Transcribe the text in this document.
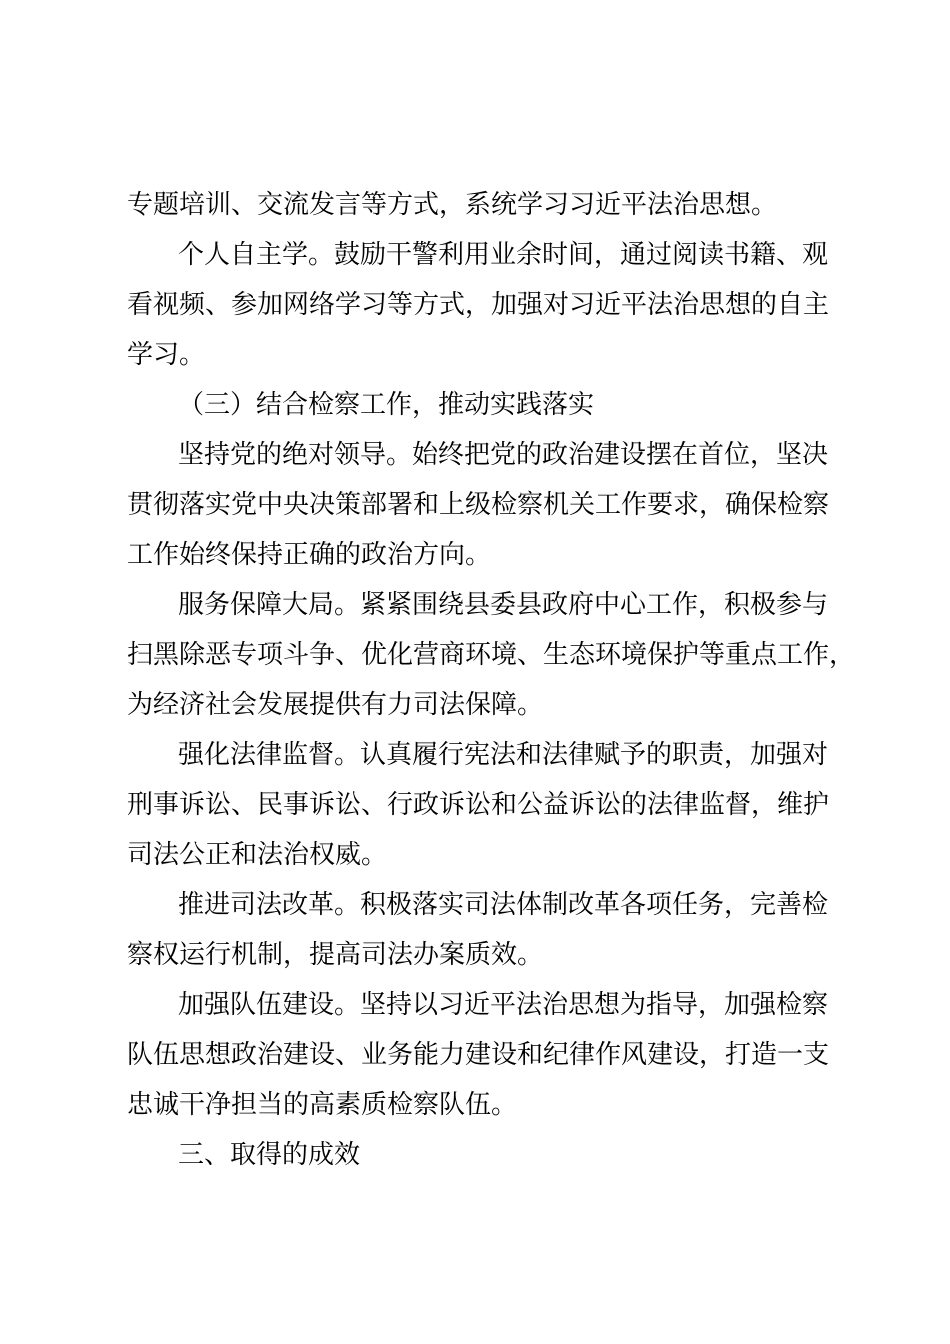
专题培训、交流发言等方式，系统学习习近平法治思想。

个人自主学。鼓励干警利用业余时间，通过阅读书籍、观

看视频、参加网络学习等方式，加强对习近平法治思想的自主

学习。

（三）结合检察工作，推动实践落实

坚持党的绝对领导。始终把党的政治建设摆在首位，坚决

贯彻落实党中央决策部署和上级检察机关工作要求，确保检察

工作始终保持正确的政治方向。

服务保障大局。紧紧围绕县委县政府中心工作，积极参与

扫黑除恶专项斗争、优化营商环境、生态环境保护等重点工作，

为经济社会发展提供有力司法保障。

强化法律监督。认真履行宪法和法律赋予的职责，加强对

刑事诉讼、民事诉讼、行政诉讼和公益诉讼的法律监督，维护

司法公正和法治权威。

推进司法改革。积极落实司法体制改革各项任务，完善检

察权运行机制，提高司法办案质效。

加强队伍建设。坚持以习近平法治思想为指导，加强检察

队伍思想政治建设、业务能力建设和纪律作风建设，打造一支

忠诚干净担当的高素质检察队伍。

三、取得的成效
